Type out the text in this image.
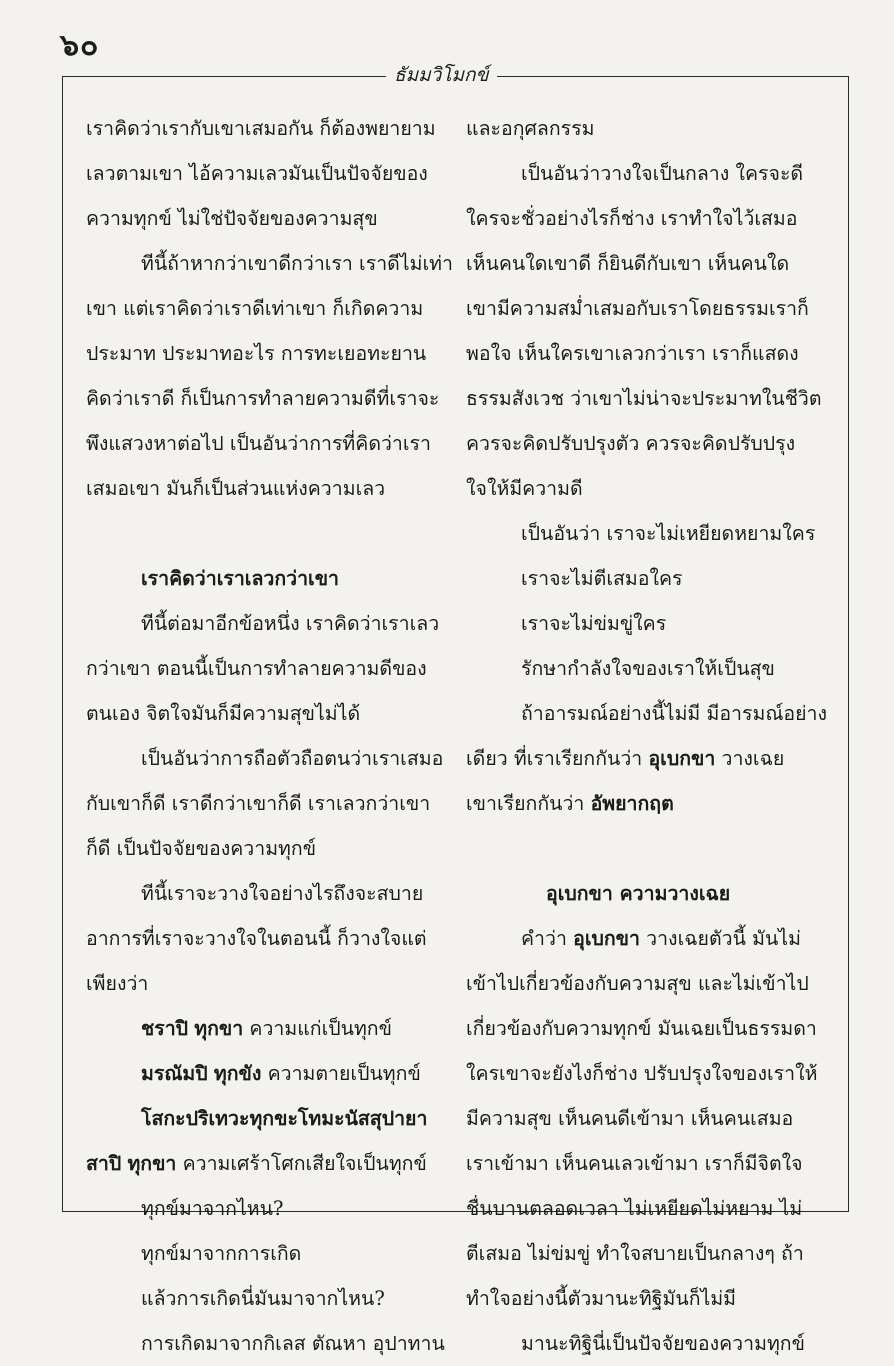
๖๐
ธัมมวิโมกข์
เราคิดว่าเรากับเขาเสมอกัน ก็ต้องพยายาม
เลวตามเขา ไอ้ความเลวมันเป็นปัจจัยของ
ความทุกข์ ไม่ใช่ปัจจัยของความสุข
ทีนี้ถ้าหากว่าเขาดีกว่าเรา เราดีไม่เท่า
เขา แต่เราคิดว่าเราดีเท่าเขา ก็เกิดความ
ประมาท ประมาทอะไร การทะเยอทะยาน
คิดว่าเราดี ก็เป็นการทำลายความดีที่เราจะ
พึงแสวงหาต่อไป เป็นอันว่าการที่คิดว่าเรา
เสมอเขา มันก็เป็นส่วนแห่งความเลว
เราคิดว่าเราเลวกว่าเขา
ทีนี้ต่อมาอีกข้อหนึ่ง เราคิดว่าเราเลว
กว่าเขา ตอนนี้เป็นการทำลายความดีของ
ตนเอง จิตใจมันก็มีความสุขไม่ได้
เป็นอันว่าการถือตัวถือตนว่าเราเสมอ
กับเขาก็ดี เราดีกว่าเขาก็ดี เราเลวกว่าเขา
ก็ดี เป็นปัจจัยของความทุกข์
ทีนี้เราจะวางใจอย่างไรถึงจะสบาย
อาการที่เราจะวางใจในตอนนี้ ก็วางใจแต่
เพียงว่า
ชราปิ ทุกขา ความแก่เป็นทุกข์
มรณัมปิ ทุกขัง ความตายเป็นทุกข์
โสกะปริเทวะทุกขะโทมะนัสสุปายา
สาปิ ทุกขา ความเศร้าโศกเสียใจเป็นทุกข์
ทุกข์มาจากไหน?
ทุกข์มาจากการเกิด
แล้วการเกิดนี่มันมาจากไหน?
การเกิดมาจากกิเลส ตัณหา อุปาทาน
และอกุศลกรรม
เป็นอันว่าวางใจเป็นกลาง ใครจะดี
ใครจะชั่วอย่างไรก็ช่าง เราทำใจไว้เสมอ
เห็นคนใดเขาดี ก็ยินดีกับเขา เห็นคนใด
เขามีความสม่ำเสมอกับเราโดยธรรมเราก็
พอใจ เห็นใครเขาเลวกว่าเรา เราก็แสดง
ธรรมสังเวช ว่าเขาไม่น่าจะประมาทในชีวิต
ควรจะคิดปรับปรุงตัว ควรจะคิดปรับปรุง
ใจให้มีความดี
เป็นอันว่า เราจะไม่เหยียดหยามใคร
เราจะไม่ตีเสมอใคร
เราจะไม่ข่มขู่ใคร
รักษากำลังใจของเราให้เป็นสุข
ถ้าอารมณ์อย่างนี้ไม่มี มีอารมณ์อย่าง
เดียว ที่เราเรียกกันว่า อุเบกขา วางเฉย
เขาเรียกกันว่า อัพยากฤต
อุเบกขา ความวางเฉย
คำว่า อุเบกขา วางเฉยตัวนี้ มันไม่
เข้าไปเกี่ยวข้องกับความสุข และไม่เข้าไป
เกี่ยวข้องกับความทุกข์ มันเฉยเป็นธรรมดา
ใครเขาจะยังไงก็ช่าง ปรับปรุงใจของเราให้
มีความสุข เห็นคนดีเข้ามา เห็นคนเสมอ
เราเข้ามา เห็นคนเลวเข้ามา เราก็มีจิตใจ
ชื่นบานตลอดเวลา ไม่เหยียดไม่หยาม ไม่
ตีเสมอ ไม่ข่มขู่ ทำใจสบายเป็นกลางๆ ถ้า
ทำใจอย่างนี้ตัวมานะทิฐิมันก็ไม่มี
มานะทิฐินี่เป็นปัจจัยของความทุกข์
